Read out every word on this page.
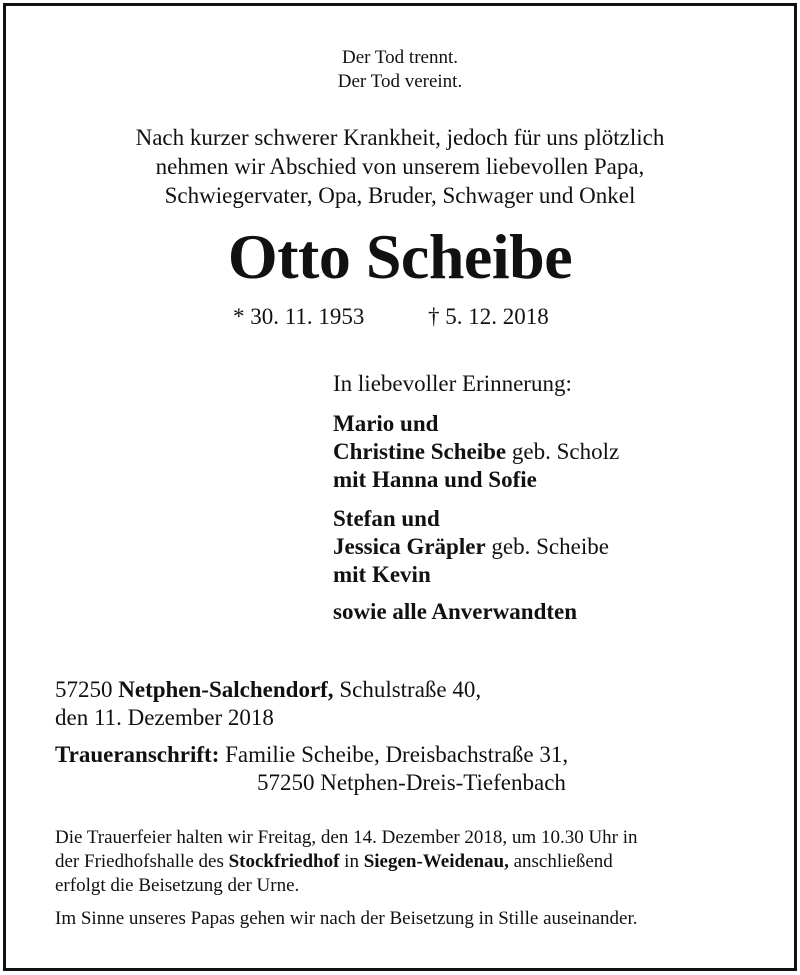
Der Tod trennt.
Der Tod vereint.
Nach kurzer schwerer Krankheit, jedoch für uns plötzlich
nehmen wir Abschied von unserem liebevollen Papa,
Schwiegervater, Opa, Bruder, Schwager und Onkel
Otto Scheibe
* 30. 11. 1953	† 5. 12. 2018
In liebevoller Erinnerung:
Mario und
Christine Scheibe geb. Scholz
mit Hanna und Sofie
Stefan und
Jessica Gräpler geb. Scheibe
mit Kevin
sowie alle Anverwandten
57250 Netphen-Salchendorf, Schulstraße 40,
den 11. Dezember 2018
Traueranschrift: Familie Scheibe, Dreisbachstraße 31,
57250 Netphen-Dreis-Tiefenbach
Die Trauerfeier halten wir Freitag, den 14. Dezember 2018, um 10.30 Uhr in
der Friedhofshalle des Stockfriedhof in Siegen-Weidenau, anschließend
erfolgt die Beisetzung der Urne.
Im Sinne unseres Papas gehen wir nach der Beisetzung in Stille auseinander.
